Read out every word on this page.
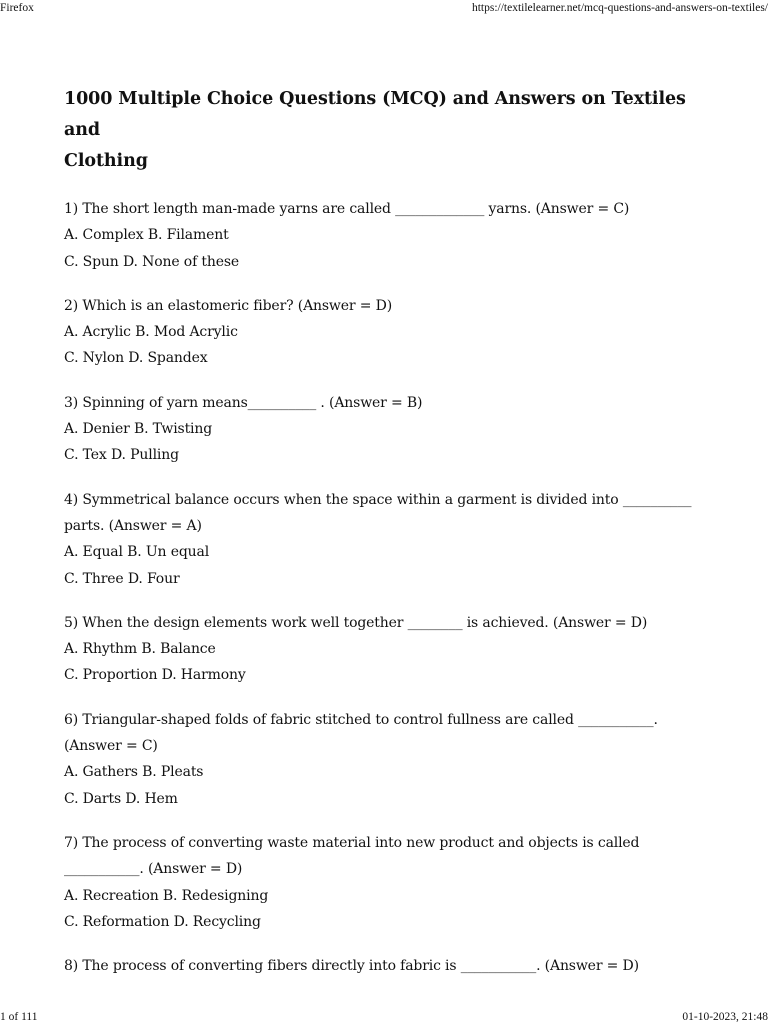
Firefox	https://textilelearner.net/mcq-questions-and-answers-on-textiles/
1000 Multiple Choice Questions (MCQ) and Answers on Textiles and
Clothing
1) The short length man-made yarns are called _____________ yarns. (Answer = C)
A. Complex B. Filament
C. Spun D. None of these
2) Which is an elastomeric fiber? (Answer = D)
A. Acrylic B. Mod Acrylic
C. Nylon D. Spandex
3) Spinning of yarn means__________ . (Answer = B)
A. Denier B. Twisting
C. Tex D. Pulling
4) Symmetrical balance occurs when the space within a garment is divided into __________
parts. (Answer = A)
A. Equal B. Un equal
C. Three D. Four
5) When the design elements work well together ________ is achieved. (Answer = D)
A. Rhythm B. Balance
C. Proportion D. Harmony
6) Triangular-shaped folds of fabric stitched to control fullness are called ___________.
(Answer = C)
A. Gathers B. Pleats
C. Darts D. Hem
7) The process of converting waste material into new product and objects is called
___________. (Answer = D)
A. Recreation B. Redesigning
C. Reformation D. Recycling
8) The process of converting fibers directly into fabric is ___________. (Answer = D)
1 of 111	01-10-2023, 21:48
